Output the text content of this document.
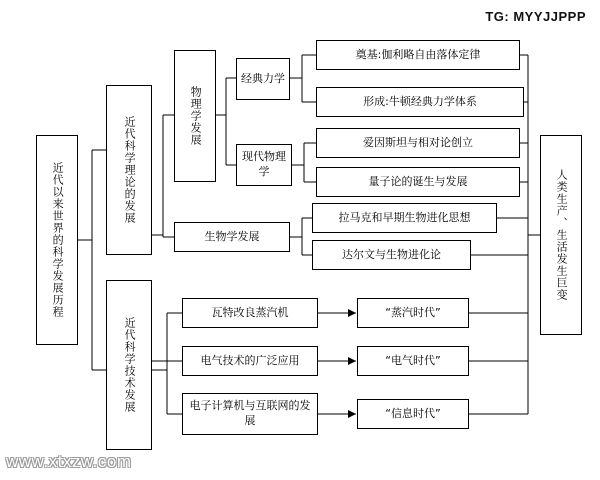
近代以来世界的科学发展历程	近代科学理论的发展
近代科学技术发展
物理学发展
生物学发展
经典力学
现代物理学
奠基:伽利略自由落体定律
形成:牛顿经典力学体系
爱因斯坦与相对论创立
量子论的诞生与发展
拉马克和早期生物进化思想
达尔文与生物进化论
瓦特改良蒸汽机
电气技术的广泛应用
电子计算机与互联网的发展
“蒸汽时代”
“电气时代”
“信息时代”
人类生产、生活发生巨变
TG: MYYJJPPP
www.xtxzw.com
